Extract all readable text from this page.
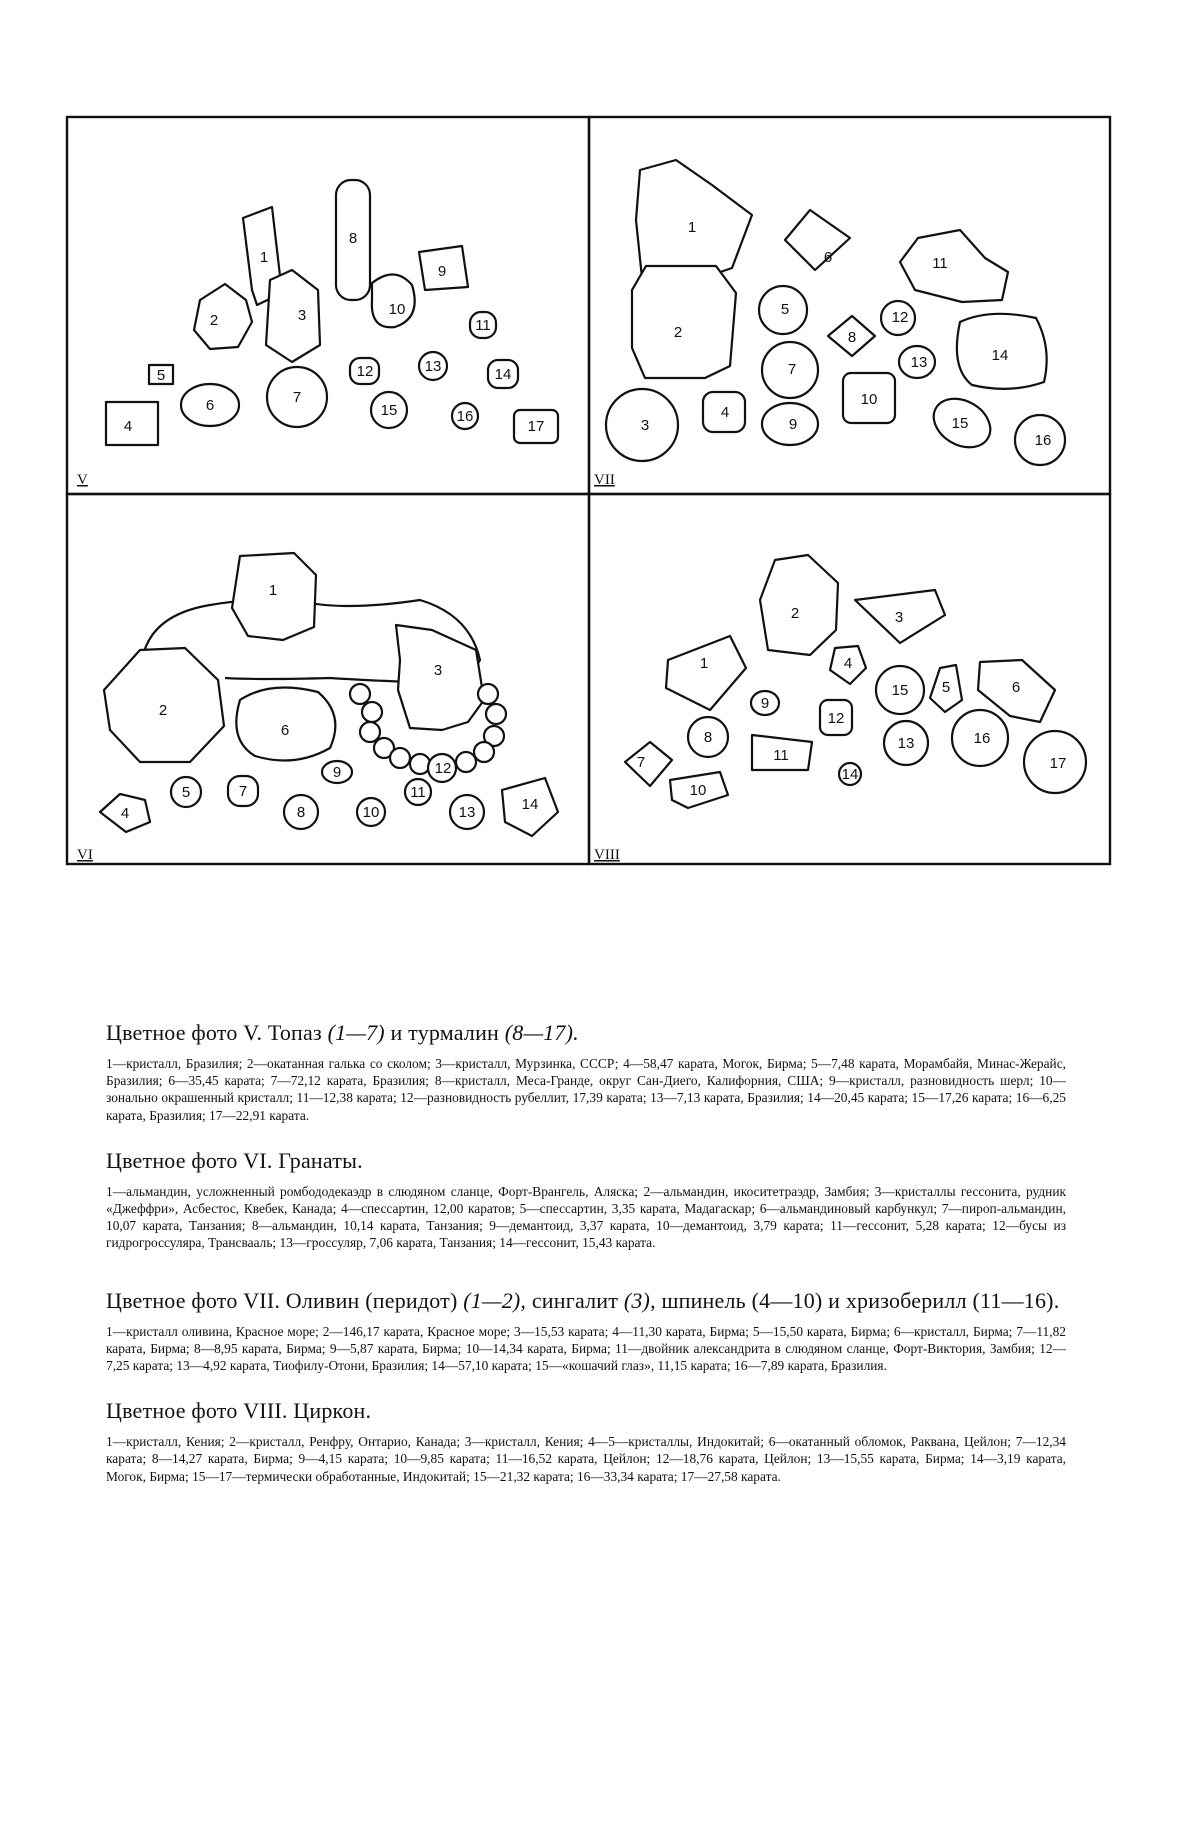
V	VII
VI	VIII
1
8
9
2	3	10
11
5	12	13	14
6	7
15	16
4	17
1
6	11
2
5	12
8
14
7	13
10
4
3	9	15
16
1
2
3
6
12
9
11
5	7
4	8	10	13	14
2	3
1	4
15 5	6
9
12
8
11
13	16
17
7
14
10

Цветное фото V. Топаз (1—7) и турмалин (8—17).

1—кристалл, Бразилия; 2—окатанная галька со сколом; 3—кристалл, Мурзинка, СССР; 4—58,47 карата, Могок, Бирма; 5—7,48 карата, Морамбайя, Минас-Жерайс, Бразилия; 6—35,45 карата; 7—72,12 карата, Бразилия; 8—кристалл, Меса-Гранде, округ Сан-Диего, Калифорния, США; 9—кристалл, разновидность шерл; 10—зонально окрашенный кристалл; 11—12,38 карата; 12—разновидность рубеллит, 17,39 карата; 13—7,13 карата, Бразилия; 14—20,45 карата; 15—17,26 карата; 16—6,25 карата, Бразилия; 17—22,91 карата.

Цветное фото VI. Гранаты.

1—альмандин, усложненный ромбододекаэдр в слюдяном сланце, Форт-Врангель, Аляска; 2—альмандин, икоситетраэдр, Замбия; 3—кристаллы гессонита, рудник «Джеффри», Асбестос, Квебек, Канада; 4—спессартин, 12,00 каратов; 5—спессартин, 3,35 карата, Мадагаскар; 6—альмандиновый карбункул; 7—пироп-альмандин, 10,07 карата, Танзания; 8—альмандин, 10,14 карата, Танзания; 9—демантоид, 3,37 карата, 10—демантоид, 3,79 карата; 11—гессонит, 5,28 карата; 12—бусы из гидрогроссуляра, Трансвааль; 13—гроссуляр, 7,06 карата, Танзания; 14—гессонит, 15,43 карата.

Цветное фото VII. Оливин (перидот) (1—2), сингалит (3), шпинель (4—10) и хризоберилл (11—16).

1—кристалл оливина, Красное море; 2—146,17 карата, Красное море; 3—15,53 карата; 4—11,30 карата, Бирма; 5—15,50 карата, Бирма; 6—кристалл, Бирма; 7—11,82 карата, Бирма; 8—8,95 карата, Бирма; 9—5,87 карата, Бирма; 10—14,34 карата, Бирма; 11—двойник александрита в слюдяном сланце, Форт-Виктория, Замбия; 12—7,25 карата; 13—4,92 карата, Тиофилу-Отони, Бразилия; 14—57,10 карата; 15—«кошачий глаз», 11,15 карата; 16—7,89 карата, Бразилия.

Цветное фото VIII. Циркон.

1—кристалл, Кения; 2—кристалл, Ренфру, Онтарио, Канада; 3—кристалл, Кения; 4—5—кристаллы, Индокитай; 6—окатанный обломок, Раквана, Цейлон; 7—12,34 карата; 8—14,27 карата, Бирма; 9—4,15 карата; 10—9,85 карата; 11—16,52 карата, Цейлон; 12—18,76 карата, Цейлон; 13—15,55 карата, Бирма; 14—3,19 карата, Могок, Бирма; 15—17—термически обработанные, Индокитай; 15—21,32 карата; 16—33,34 карата; 17—27,58 карата.
